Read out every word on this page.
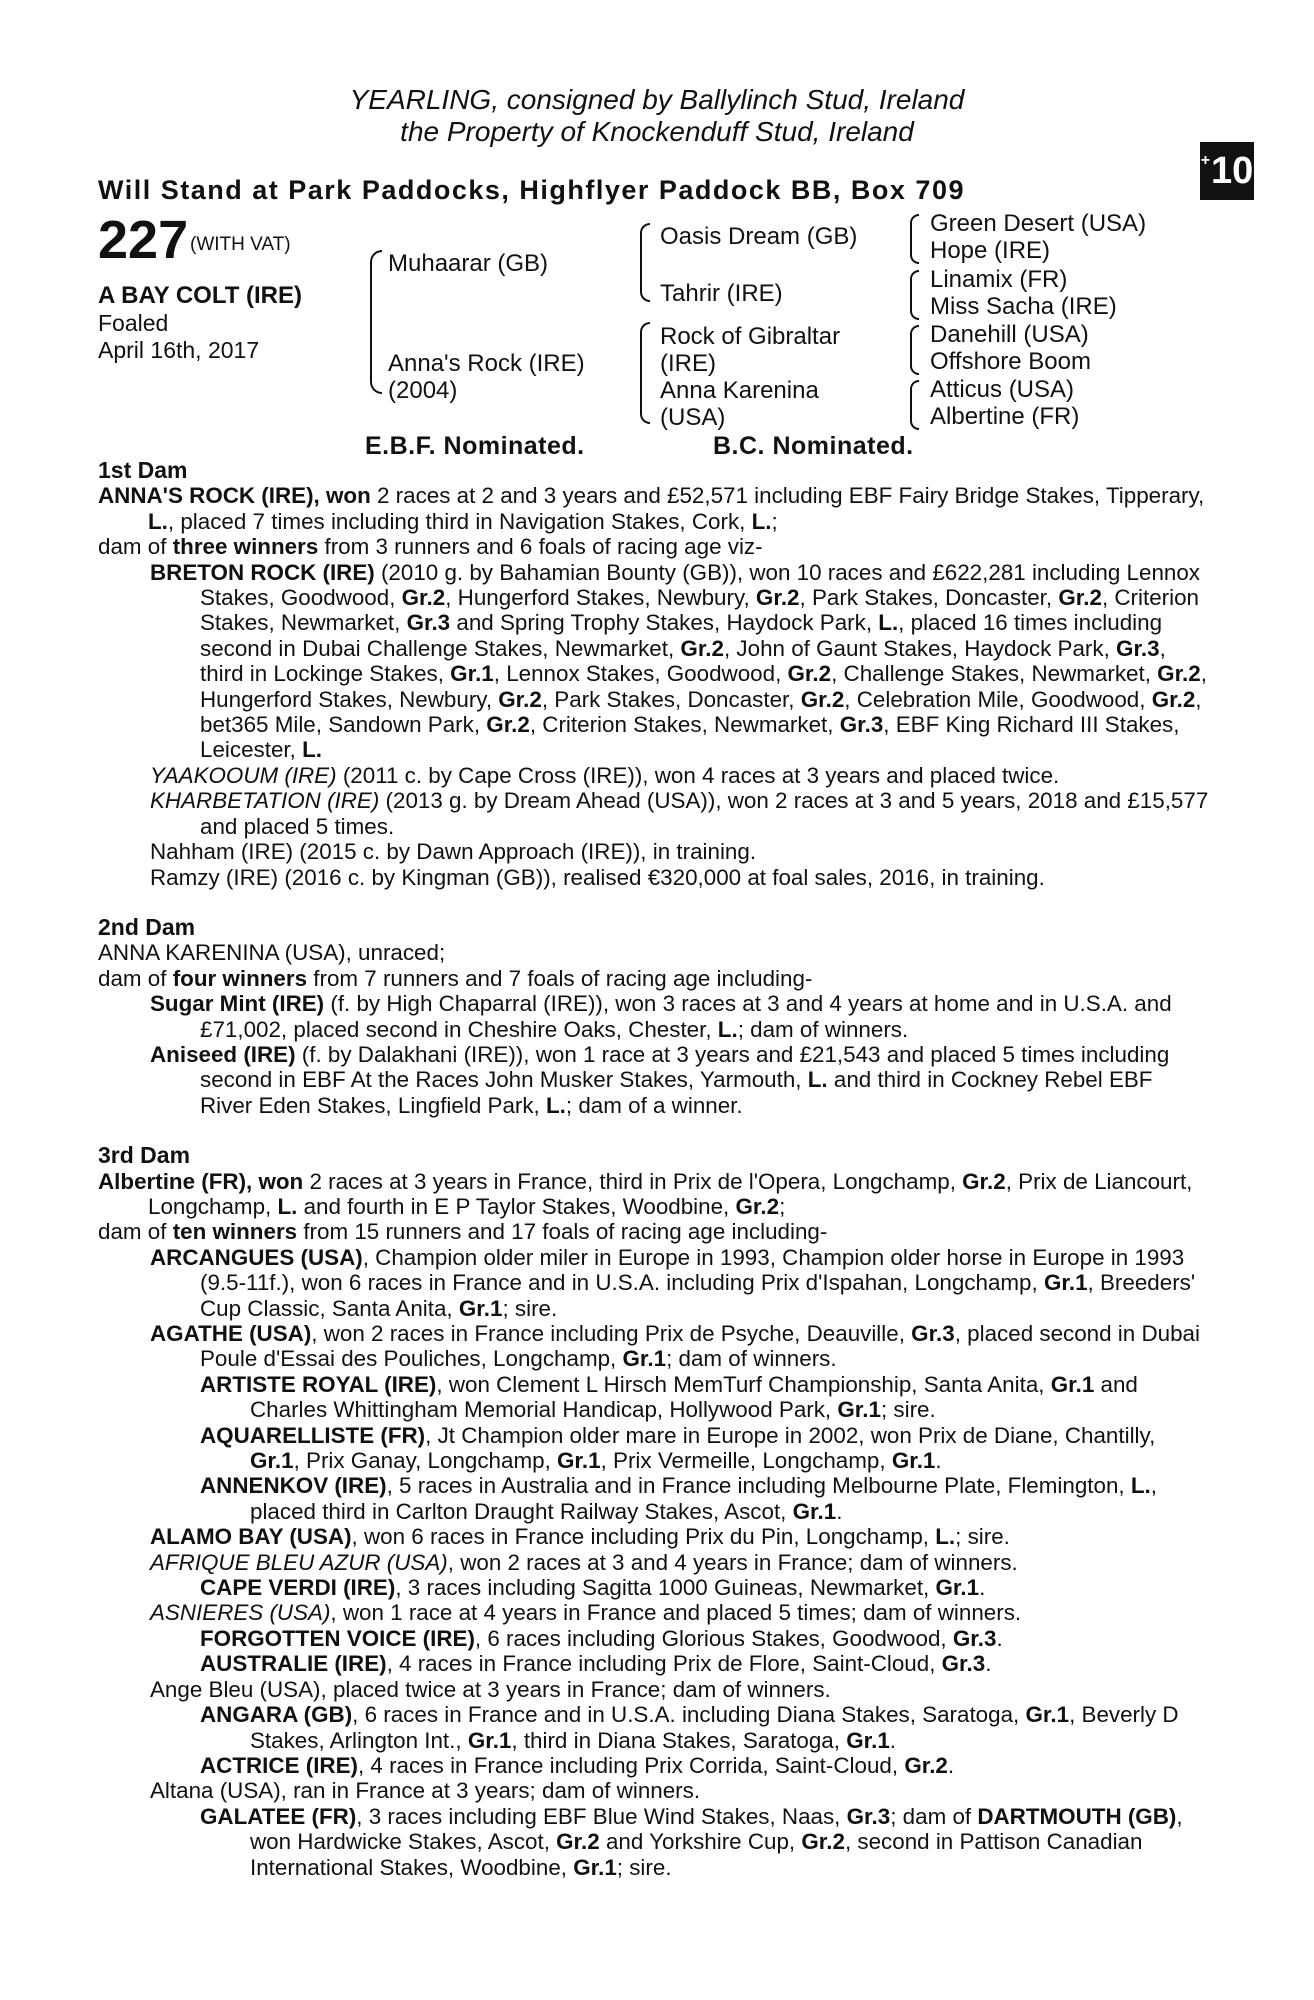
YEARLING, consigned by Ballylinch Stud, Ireland
the Property of Knockenduff Stud, Ireland
Will Stand at Park Paddocks, Highflyer Paddock BB, Box 709
+ 10
227 (WITH VAT)
A BAY COLT (IRE)
Foaled
April 16th, 2017
Muhaarar (GB)
Anna's Rock (IRE)
(2004)
Oasis Dream (GB)
Tahrir (IRE)
Rock of Gibraltar
(IRE)
Anna Karenina
(USA)
Green Desert (USA)
Hope (IRE)
Linamix (FR)
Miss Sacha (IRE)
Danehill (USA)
Offshore Boom
Atticus (USA)
Albertine (FR)
E.B.F. Nominated.	B.C. Nominated.
1st Dam

ANNA'S ROCK (IRE), won 2 races at 2 and 3 years and £52,571 including EBF Fairy Bridge Stakes, Tipperary, L., placed 7 times including third in Navigation Stakes, Cork, L.;

dam of three winners from 3 runners and 6 foals of racing age viz-

BRETON ROCK (IRE) (2010 g. by Bahamian Bounty (GB)), won 10 races and £622,281 including Lennox Stakes, Goodwood, Gr.2, Hungerford Stakes, Newbury, Gr.2, Park Stakes, Doncaster, Gr.2, Criterion Stakes, Newmarket, Gr.3 and Spring Trophy Stakes, Haydock Park, L., placed 16 times including second in Dubai Challenge Stakes, Newmarket, Gr.2, John of Gaunt Stakes, Haydock Park, Gr.3, third in Lockinge Stakes, Gr.1, Lennox Stakes, Goodwood, Gr.2, Challenge Stakes, Newmarket, Gr.2, Hungerford Stakes, Newbury, Gr.2, Park Stakes, Doncaster, Gr.2, Celebration Mile, Goodwood, Gr.2, bet365 Mile, Sandown Park, Gr.2, Criterion Stakes, Newmarket, Gr.3, EBF King Richard III Stakes, Leicester, L.

YAAKOOUM (IRE) (2011 c. by Cape Cross (IRE)), won 4 races at 3 years and placed twice.

KHARBETATION (IRE) (2013 g. by Dream Ahead (USA)), won 2 races at 3 and 5 years, 2018 and £15,577 and placed 5 times.

Nahham (IRE) (2015 c. by Dawn Approach (IRE)), in training.

Ramzy (IRE) (2016 c. by Kingman (GB)), realised €320,000 at foal sales, 2016, in training.

2nd Dam

ANNA KARENINA (USA), unraced;

dam of four winners from 7 runners and 7 foals of racing age including-

Sugar Mint (IRE) (f. by High Chaparral (IRE)), won 3 races at 3 and 4 years at home and in U.S.A. and £71,002, placed second in Cheshire Oaks, Chester, L.; dam of winners.

Aniseed (IRE) (f. by Dalakhani (IRE)), won 1 race at 3 years and £21,543 and placed 5 times including second in EBF At the Races John Musker Stakes, Yarmouth, L. and third in Cockney Rebel EBF River Eden Stakes, Lingfield Park, L.; dam of a winner.

3rd Dam

Albertine (FR), won 2 races at 3 years in France, third in Prix de l'Opera, Longchamp, Gr.2, Prix de Liancourt, Longchamp, L. and fourth in E P Taylor Stakes, Woodbine, Gr.2;

dam of ten winners from 15 runners and 17 foals of racing age including-

ARCANGUES (USA), Champion older miler in Europe in 1993, Champion older horse in Europe in 1993 (9.5-11f.), won 6 races in France and in U.S.A. including Prix d'Ispahan, Longchamp, Gr.1, Breeders' Cup Classic, Santa Anita, Gr.1; sire.

AGATHE (USA), won 2 races in France including Prix de Psyche, Deauville, Gr.3, placed second in Dubai Poule d'Essai des Pouliches, Longchamp, Gr.1; dam of winners.

ARTISTE ROYAL (IRE), won Clement L Hirsch MemTurf Championship, Santa Anita, Gr.1 and Charles Whittingham Memorial Handicap, Hollywood Park, Gr.1; sire.

AQUARELLISTE (FR), Jt Champion older mare in Europe in 2002, won Prix de Diane, Chantilly, Gr.1, Prix Ganay, Longchamp, Gr.1, Prix Vermeille, Longchamp, Gr.1.

ANNENKOV (IRE), 5 races in Australia and in France including Melbourne Plate, Flemington, L., placed third in Carlton Draught Railway Stakes, Ascot, Gr.1.

ALAMO BAY (USA), won 6 races in France including Prix du Pin, Longchamp, L.; sire.

AFRIQUE BLEU AZUR (USA), won 2 races at 3 and 4 years in France; dam of winners.

CAPE VERDI (IRE), 3 races including Sagitta 1000 Guineas, Newmarket, Gr.1.

ASNIERES (USA), won 1 race at 4 years in France and placed 5 times; dam of winners.

FORGOTTEN VOICE (IRE), 6 races including Glorious Stakes, Goodwood, Gr.3.

AUSTRALIE (IRE), 4 races in France including Prix de Flore, Saint-Cloud, Gr.3.

Ange Bleu (USA), placed twice at 3 years in France; dam of winners.

ANGARA (GB), 6 races in France and in U.S.A. including Diana Stakes, Saratoga, Gr.1, Beverly D Stakes, Arlington Int., Gr.1, third in Diana Stakes, Saratoga, Gr.1.

ACTRICE (IRE), 4 races in France including Prix Corrida, Saint-Cloud, Gr.2.

Altana (USA), ran in France at 3 years; dam of winners.

GALATEE (FR), 3 races including EBF Blue Wind Stakes, Naas, Gr.3; dam of DARTMOUTH (GB), won Hardwicke Stakes, Ascot, Gr.2 and Yorkshire Cup, Gr.2, second in Pattison Canadian International Stakes, Woodbine, Gr.1; sire.
